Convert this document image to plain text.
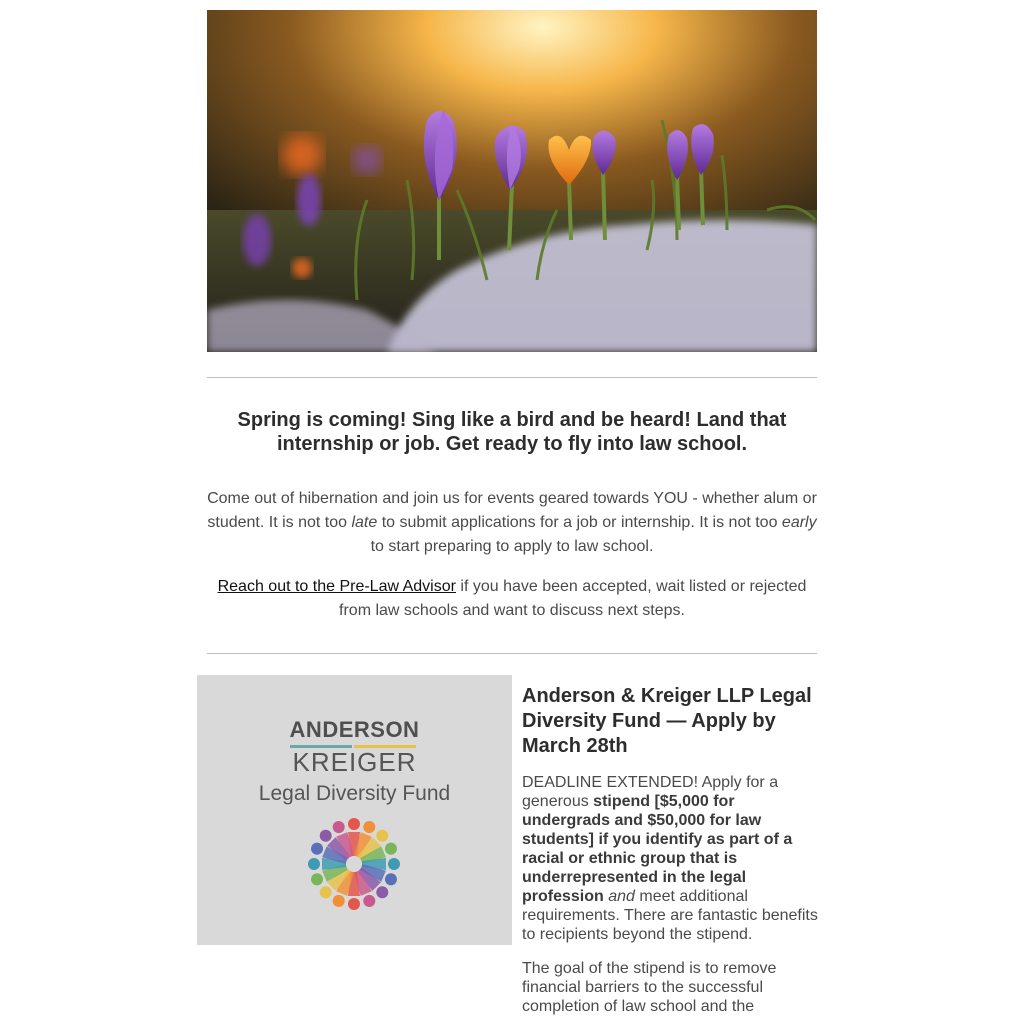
Spring is coming! Sing like a bird and be heard! Land that internship or job. Get ready to fly into law school.

Come out of hibernation and join us for events geared towards YOU - whether alum or student. It is not too late to submit applications for a job or internship. It is not too early to start preparing to apply to law school.

Reach out to the Pre-Law Advisor if you have been accepted, wait listed or rejected from law schools and want to discuss next steps.

ANDERSON
KREIGER
Legal Diversity Fund
Anderson & Kreiger LLP Legal Diversity Fund — Apply by March 28th

DEADLINE EXTENDED! Apply for a generous stipend [$5,000 for undergrads and $50,000 for law students] if you identify as part of a racial or ethnic group that is underrepresented in the legal profession and meet additional requirements. There are fantastic benefits to recipients beyond the stipend.

The goal of the stipend is to remove financial barriers to the successful completion of law school and the
